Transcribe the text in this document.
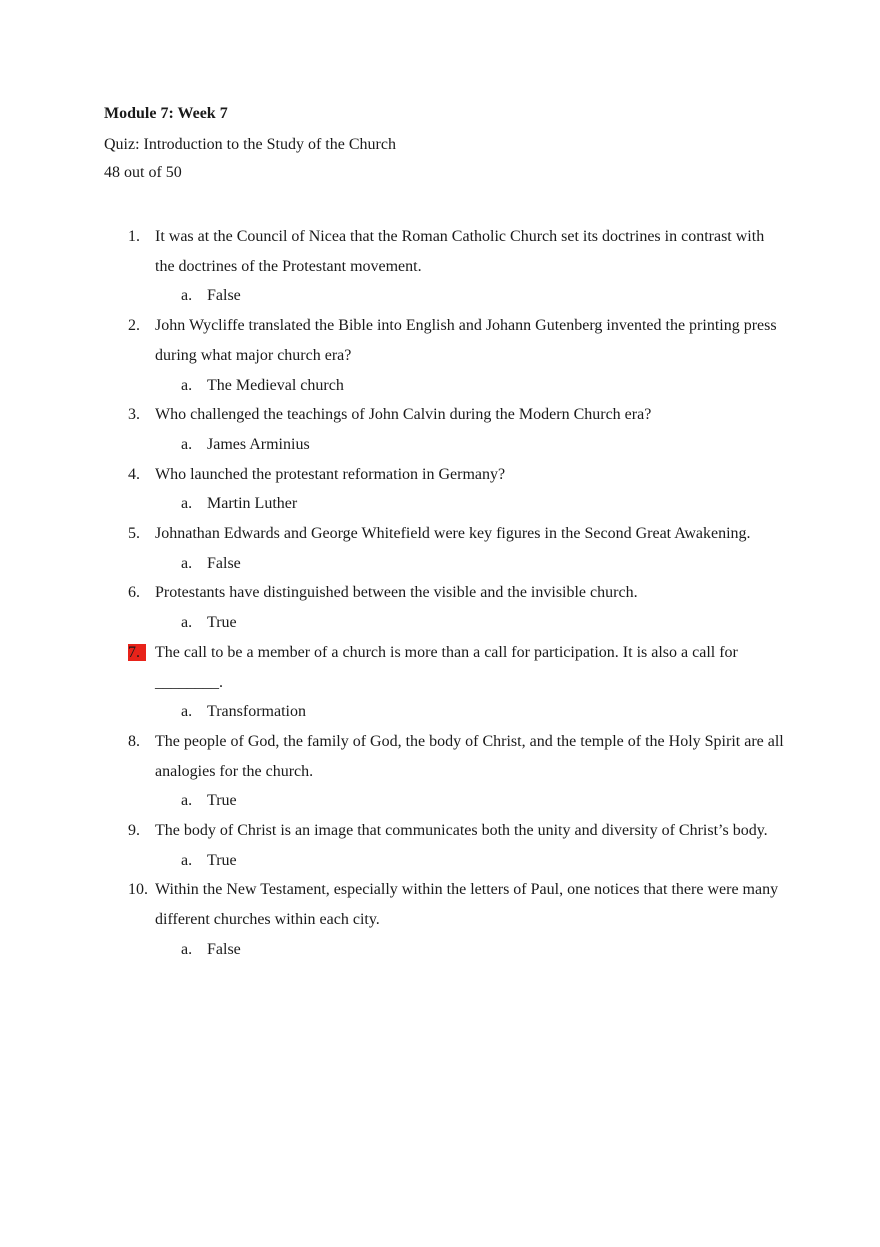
Module 7: Week 7
Quiz: Introduction to the Study of the Church
48 out of 50
1. It was at the Council of Nicea that the Roman Catholic Church set its doctrines in contrast with the doctrines of the Protestant movement.
a. False
2. John Wycliffe translated the Bible into English and Johann Gutenberg invented the printing press during what major church era?
a. The Medieval church
3. Who challenged the teachings of John Calvin during the Modern Church era?
a. James Arminius
4. Who launched the protestant reformation in Germany?
a. Martin Luther
5. Johnathan Edwards and George Whitefield were key figures in the Second Great Awakening.
a. False
6. Protestants have distinguished between the visible and the invisible church.
a. True
7. The call to be a member of a church is more than a call for participation. It is also a call for ________.
a. Transformation
8. The people of God, the family of God, the body of Christ, and the temple of the Holy Spirit are all analogies for the church.
a. True
9. The body of Christ is an image that communicates both the unity and diversity of Christ’s body.
a. True
10. Within the New Testament, especially within the letters of Paul, one notices that there were many different churches within each city.
a. False
